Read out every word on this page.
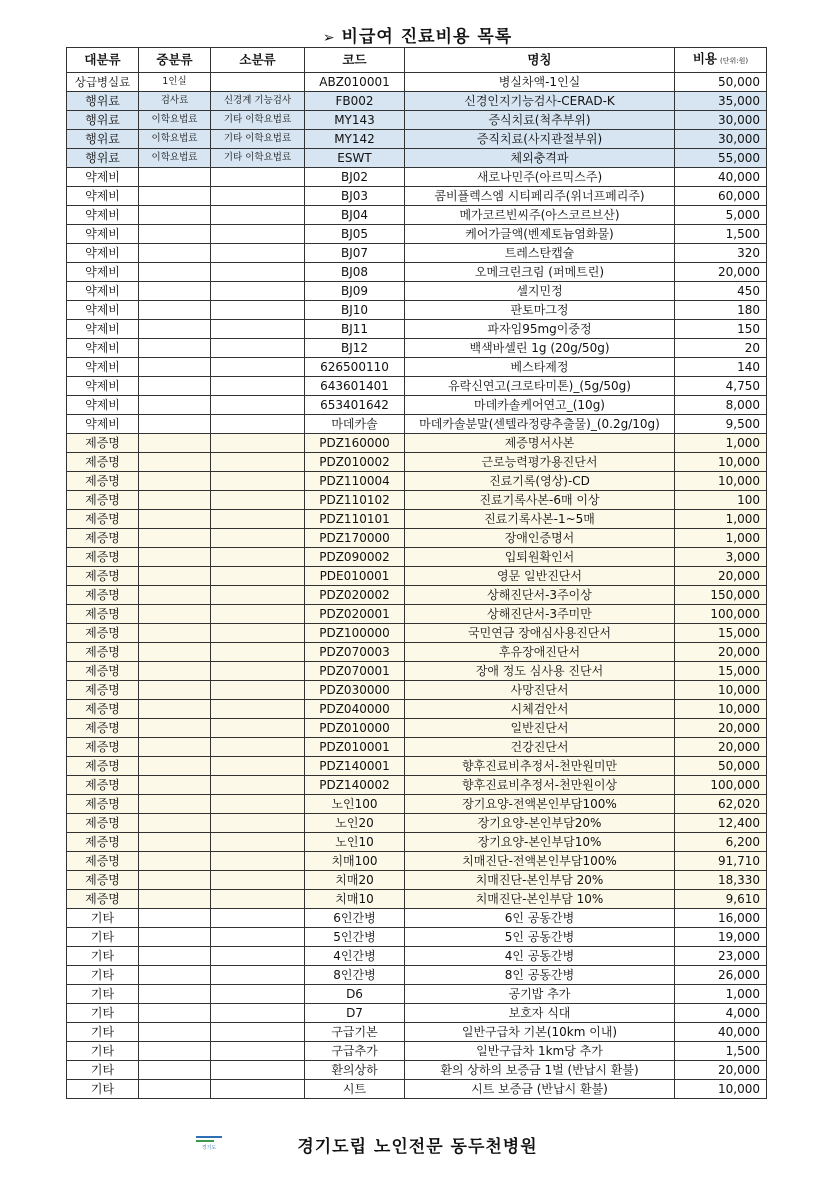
➢ 비급여 진료비용 목록
대분류	중분류	소분류	코드	명칭	비용 (단위:원)
상급병실료	1인실		ABZ010001	병실차액-1인실	50,000
행위료	검사료	신경계 기능검사	FB002	신경인지기능검사-CERAD-K	35,000
행위료	이학요법료	기타 이학요법료	MY143	증식치료(척추부위)	30,000
행위료	이학요법료	기타 이학요법료	MY142	증직치료(사지관절부위)	30,000
행위료	이학요법료	기타 이학요법료	ESWT	체외충격파	55,000
약제비			BJ02	새로나민주(아르믹스주)	40,000
약제비			BJ03	콤비플렉스엠 시티페리주(위너프페리주)	60,000
약제비			BJ04	메가코르빈씨주(아스코르브산)	5,000
약제비			BJ05	케어가글액(벤제토늄염화물)	1,500
약제비			BJ07	트레스탄캡슐	320
약제비			BJ08	오메크린크림 (퍼메트린)	20,000
약제비			BJ09	셀지민정	450
약제비			BJ10	판토마그정	180
약제비			BJ11	파자임95mg이중정	150
약제비			BJ12	백색바셀린 1g (20g/50g)	20
약제비			626500110	베스타제정	140
약제비			643601401	유락신연고(크로타미톤)_(5g/50g)	4,750
약제비			653401642	마데카솔케어연고_(10g)	8,000
약제비			마데카솔	마데카솔분말(센텔라정량추출물)_(0.2g/10g)	9,500
제증명			PDZ160000	제증명서사본	1,000
제증명			PDZ010002	근로능력평가용진단서	10,000
제증명			PDZ110004	진료기록(영상)-CD	10,000
제증명			PDZ110102	진료기록사본-6매 이상	100
제증명			PDZ110101	진료기록사본-1~5매	1,000
제증명			PDZ170000	장애인증명서	1,000
제증명			PDZ090002	입퇴원확인서	3,000
제증명			PDE010001	영문 일반진단서	20,000
제증명			PDZ020002	상해진단서-3주이상	150,000
제증명			PDZ020001	상해진단서-3주미만	100,000
제증명			PDZ100000	국민연금 장애심사용진단서	15,000
제증명			PDZ070003	후유장애진단서	20,000
제증명			PDZ070001	장애 정도 심사용 진단서	15,000
제증명			PDZ030000	사망진단서	10,000
제증명			PDZ040000	시체검안서	10,000
제증명			PDZ010000	일반진단서	20,000
제증명			PDZ010001	건강진단서	20,000
제증명			PDZ140001	향후진료비추정서-천만원미만	50,000
제증명			PDZ140002	향후진료비추정서-천만원이상	100,000
제증명			노인100	장기요양-전액본인부담100%	62,020
제증명			노인20	장기요양-본인부담20%	12,400
제증명			노인10	장기요양-본인부담10%	6,200
제증명			치매100	치매진단-전액본인부담100%	91,710
제증명			치매20	치매진단-본인부담 20%	18,330
제증명			치매10	치매진단-본인부담 10%	9,610
기타			6인간병	6인 공동간병	16,000
기타			5인간병	5인 공동간병	19,000
기타			4인간병	4인 공동간병	23,000
기타			8인간병	8인 공동간병	26,000
기타			D6	공기밥 추가	1,000
기타			D7	보호자 식대	4,000
기타			구급기본	일반구급차 기본(10km 이내)	40,000
기타			구급추가	일반구급차 1km당 추가	1,500
기타			환의상하	환의 상하의 보증금 1벌 (반납시 환불)	20,000
기타			시트	시트 보증금 (반납시 환불)	10,000
경기도	경기도립 노인전문 동두천병원
